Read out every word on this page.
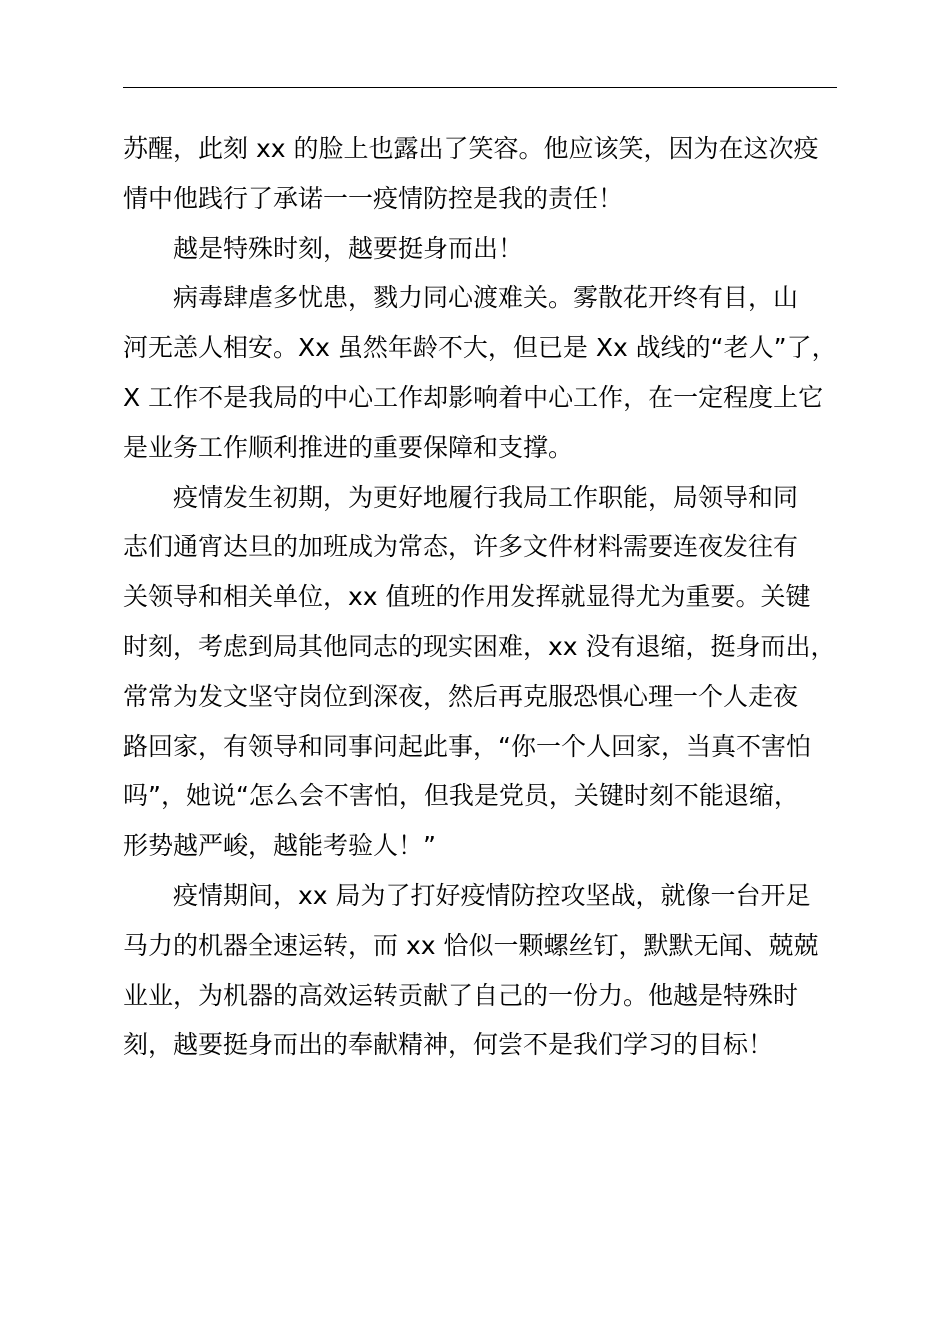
苏醒，此刻 xx 的脸上也露出了笑容。他应该笑，因为在这次疫

情中他践行了承诺一一疫情防控是我的责任！

越是特殊时刻，越要挺身而出！

病毒肆虐多忧患，戮力同心渡难关。雾散花开终有目，山

河无恙人相安。Xx 虽然年龄不大，但已是 Xx 战线的“老人”了，

X 工作不是我局的中心工作却影响着中心工作，在一定程度上它

是业务工作顺利推进的重要保障和支撑。

疫情发生初期，为更好地履行我局工作职能，局领导和同

志们通宵达旦的加班成为常态，许多文件材料需要连夜发往有

关领导和相关单位，xx 值班的作用发挥就显得尤为重要。关键

时刻，考虑到局其他同志的现实困难，xx 没有退缩，挺身而出，

常常为发文坚守岗位到深夜，然后再克服恐惧心理一个人走夜

路回家，有领导和同事问起此事，“你一个人回家，当真不害怕

吗”，她说“怎么会不害怕，但我是党员，关键时刻不能退缩，

形势越严峻，越能考验人！”

疫情期间，xx 局为了打好疫情防控攻坚战，就像一台开足

马力的机器全速运转，而 xx 恰似一颗螺丝钉，默默无闻、兢兢

业业，为机器的高效运转贡献了自己的一份力。他越是特殊时

刻，越要挺身而出的奉献精神，何尝不是我们学习的目标！
